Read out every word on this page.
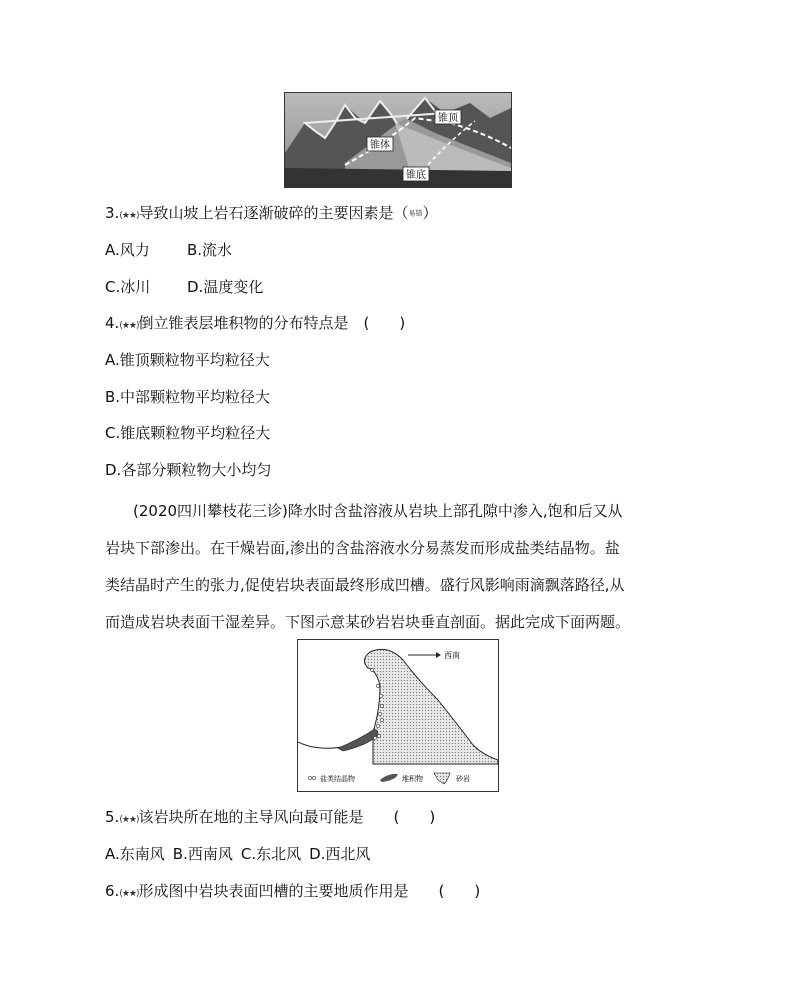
锥顶
锥体
锥底
3.(★★)导致山坡上岩石逐渐破碎的主要因素是（易错）
A.风力 B.流水
C.冰川 D.温度变化
4.(★★)倒立锥表层堆积物的分布特点是　(　　)
A.锥顶颗粒物平均粒径大
B.中部颗粒物平均粒径大
C.锥底颗粒物平均粒径大
D.各部分颗粒物大小均匀
(2020四川攀枝花三诊)降水时含盐溶液从岩块上部孔隙中渗入,饱和后又从
岩块下部渗出。在干燥岩面,渗出的含盐溶液水分易蒸发而形成盐类结晶物。盐
类结晶时产生的张力,促使岩块表面最终形成凹槽。盛行风影响雨滴飘落路径,从
而造成岩块表面干湿差异。下图示意某砂岩岩块垂直剖面。据此完成下面两题。
西南
盐类结晶物	堆积物	砂岩
5.(★★)该岩块所在地的主导风向最可能是　　(　　)
A.东南风 B.西南风 C.东北风 D.西北风
6.(★★)形成图中岩块表面凹槽的主要地质作用是　　(　　)
